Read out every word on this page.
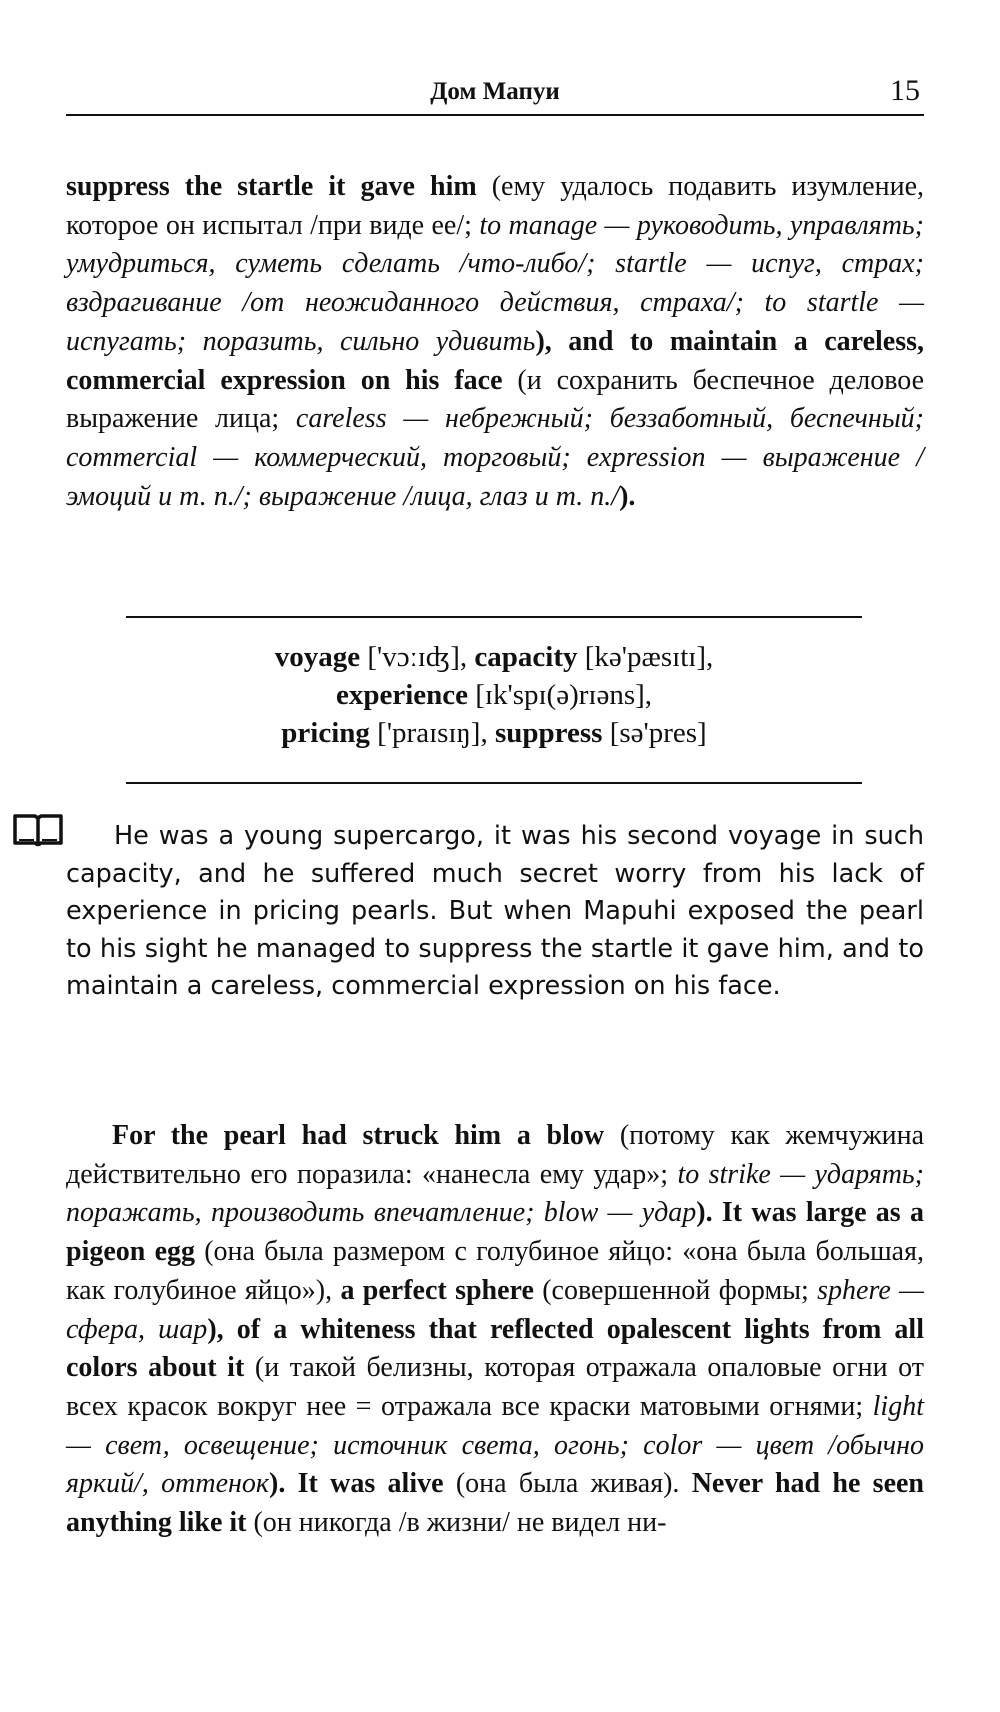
Дом Мапуи	15
suppress the startle it gave him (ему удалось подавить изумление, которое он испытал /при виде ее/; to manage — руководить, управлять; умудриться, суметь сделать /что-либо/; startle — испуг, страх; вздрагивание /от неожиданного действия, страха/; to startle — испугать; поразить, сильно удивить), and to maintain a careless, commercial expression on his face (и сохранить беспечное деловое выражение лица; careless — небрежный; беззаботный, беспечный; commercial — коммерческий, торговый; expression — выражение /эмоций и т. п./; выражение /лица, глаз и т. п./).
voyage ['vɔːɪʤ], capacity [kə'pæsɪtɪ],
experience [ɪk'spɪ(ə)rɪəns],
pricing ['praɪsɪŋ], suppress [sə'pres]
He was a young supercargo, it was his second voyage in such capacity, and he suffered much secret worry from his lack of experience in pricing pearls. But when Mapuhi exposed the pearl to his sight he managed to suppress the startle it gave him, and to maintain a careless, commercial expression on his face.
For the pearl had struck him a blow (потому как жемчужина действительно его поразила: «нанесла ему удар»; to strike — ударять; поражать, производить впечатление; blow — удар). It was large as a pigeon egg (она была размером с голубиное яйцо: «она была большая, как голубиное яйцо»), a perfect sphere (совершенной формы; sphere — сфера, шар), of a whiteness that reflected opalescent lights from all colors about it (и такой белизны, которая отражала опаловые огни от всех красок вокруг нее = отражала все краски матовыми огнями; light — свет, освещение; источник света, огонь; color — цвет /обычно яркий/, оттенок). It was alive (она была живая). Never had he seen anything like it (он никогда /в жизни/ не видел ни-
